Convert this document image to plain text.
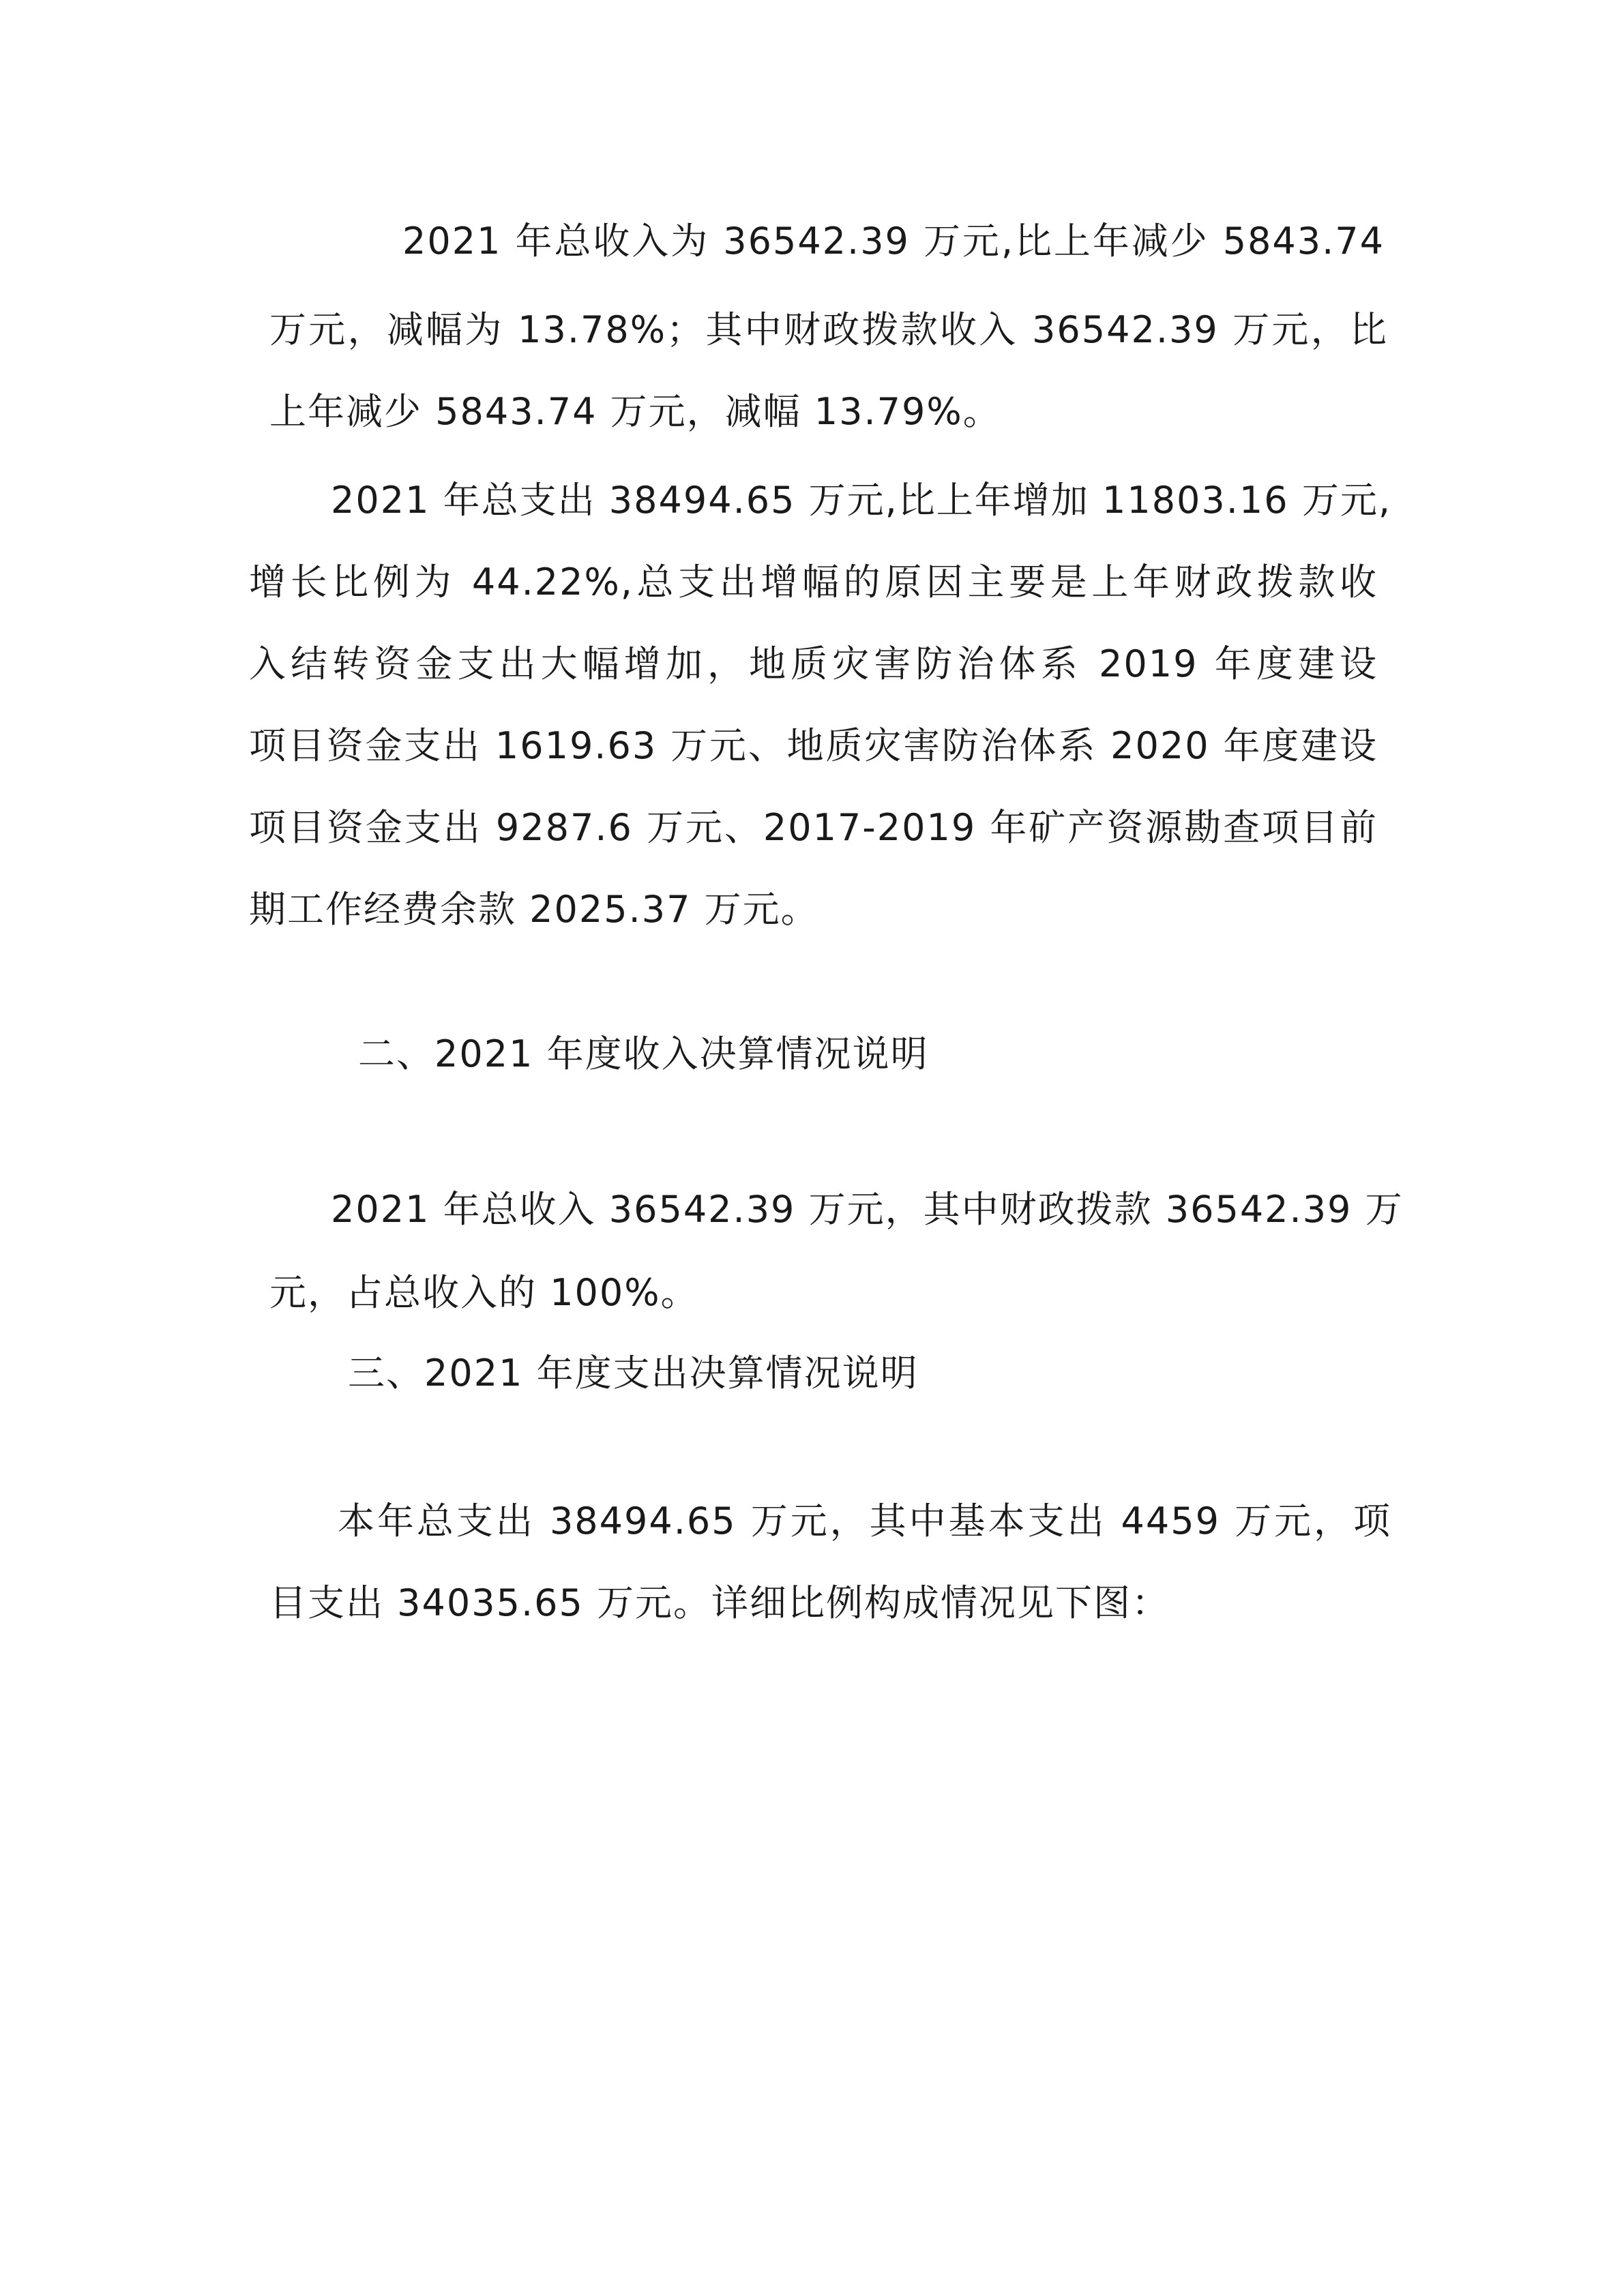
2021 年总收入为 36542.39 万元,比上年减少 5843.74
万元，减幅为 13.78%；其中财政拨款收入 36542.39 万元，比
上年减少 5843.74 万元，减幅 13.79%。
2021 年总支出 38494.65 万元,比上年增加 11803.16 万元,
增长比例为 44.22%,总支出增幅的原因主要是上年财政拨款收
入结转资金支出大幅增加，地质灾害防治体系 2019 年度建设
项目资金支出 1619.63 万元、地质灾害防治体系 2020 年度建设
项目资金支出 9287.6 万元、2017-2019 年矿产资源勘查项目前
期工作经费余款 2025.37 万元。
二、2021 年度收入决算情况说明
2021 年总收入 36542.39 万元，其中财政拨款 36542.39 万
元，占总收入的 100%。
三、2021 年度支出决算情况说明
本年总支出 38494.65 万元，其中基本支出 4459 万元，项
目支出 34035.65 万元。详细比例构成情况见下图：
